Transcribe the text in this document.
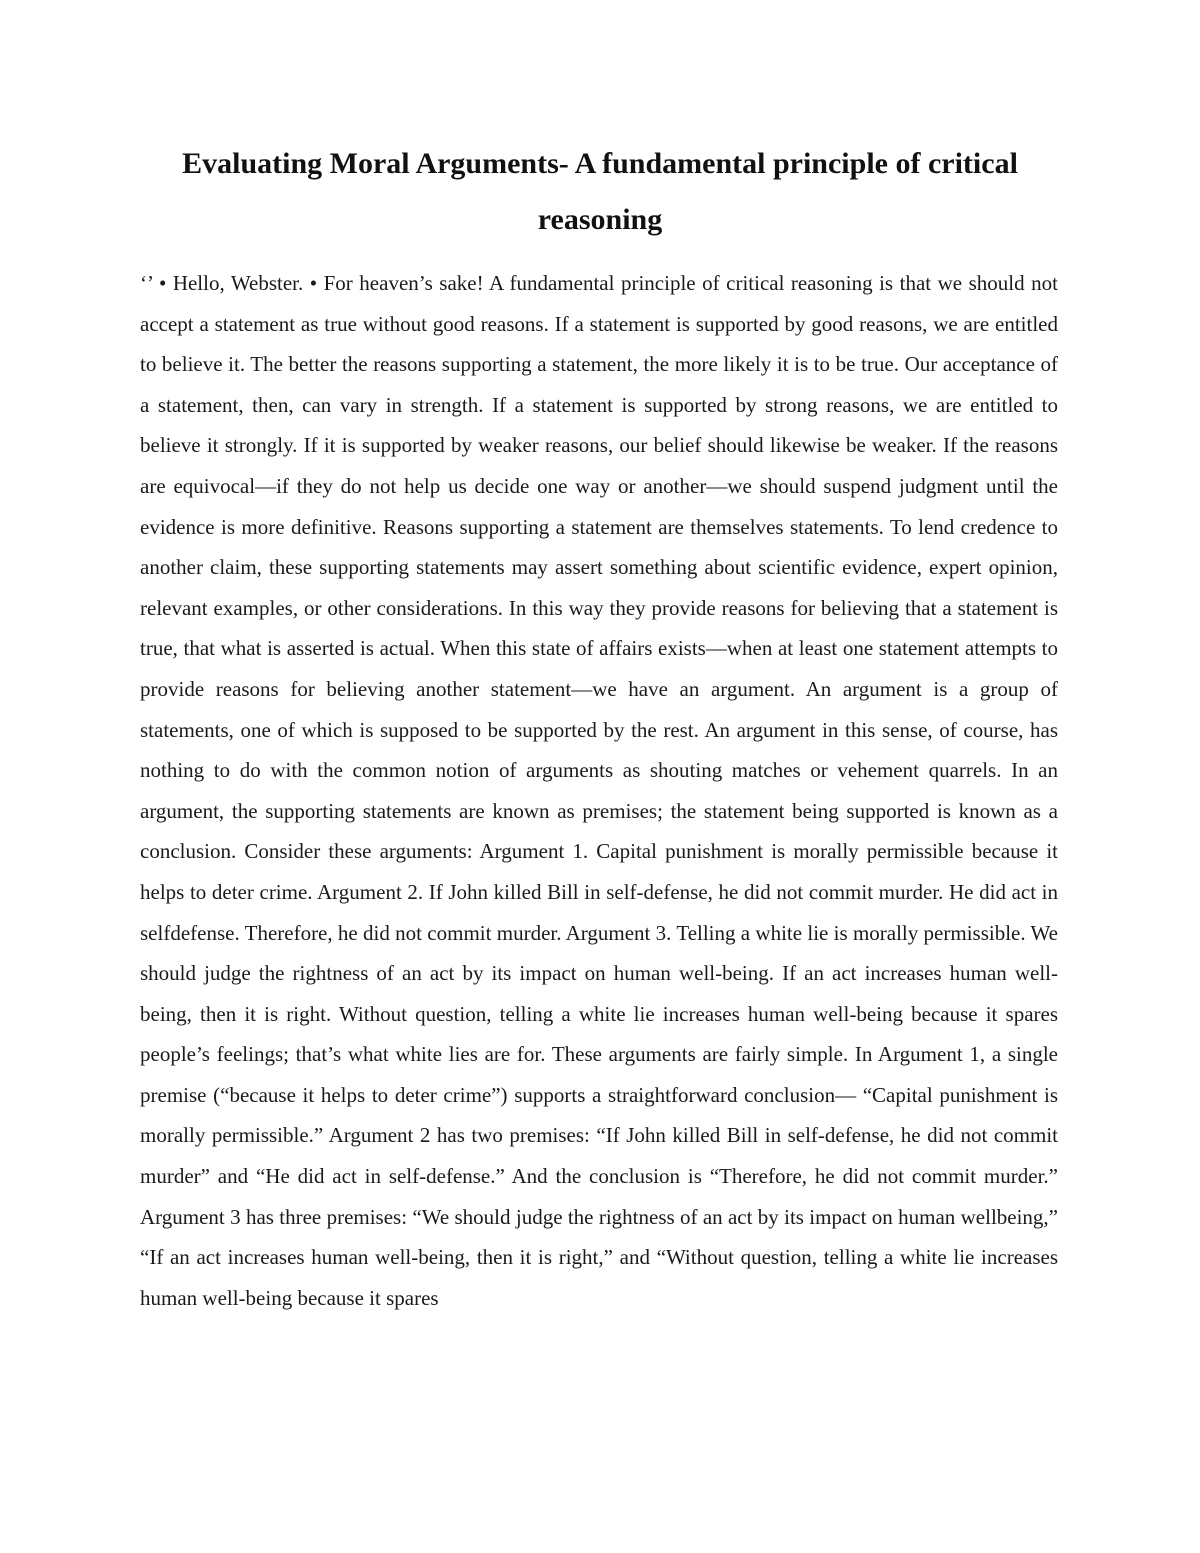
Evaluating Moral Arguments- A fundamental principle of critical reasoning

‘’ • Hello, Webster. • For heaven’s sake! A fundamental principle of critical reasoning is that we should not accept a statement as true without good reasons. If a statement is supported by good reasons, we are entitled to believe it. The better the reasons supporting a statement, the more likely it is to be true. Our acceptance of a statement, then, can vary in strength. If a statement is supported by strong reasons, we are entitled to believe it strongly. If it is supported by weaker reasons, our belief should likewise be weaker. If the reasons are equivocal—if they do not help us decide one way or another—we should suspend judgment until the evidence is more definitive. Reasons supporting a statement are themselves statements. To lend credence to another claim, these supporting statements may assert something about scientific evidence, expert opinion, relevant examples, or other considerations. In this way they provide reasons for believing that a statement is true, that what is asserted is actual. When this state of affairs exists—when at least one statement attempts to provide reasons for believing another statement—we have an argument. An argument is a group of statements, one of which is supposed to be supported by the rest. An argument in this sense, of course, has nothing to do with the common notion of arguments as shouting matches or vehement quarrels. In an argument, the supporting statements are known as premises; the statement being supported is known as a conclusion. Consider these arguments: Argument 1. Capital punishment is morally permissible because it helps to deter crime. Argument 2. If John killed Bill in self-defense, he did not commit murder. He did act in selfdefense. Therefore, he did not commit murder. Argument 3. Telling a white lie is morally permissible. We should judge the rightness of an act by its impact on human well-being. If an act increases human well-being, then it is right. Without question, telling a white lie increases human well-being because it spares people’s feelings; that’s what white lies are for. These arguments are fairly simple. In Argument 1, a single premise (“because it helps to deter crime”) supports a straightforward conclusion— “Capital punishment is morally permissible.” Argument 2 has two premises: “If John killed Bill in self-defense, he did not commit murder” and “He did act in self-defense.” And the conclusion is “Therefore, he did not commit murder.” Argument 3 has three premises: “We should judge the rightness of an act by its impact on human wellbeing,” “If an act increases human well-being, then it is right,” and “Without question, telling a white lie increases human well-being because it spares
